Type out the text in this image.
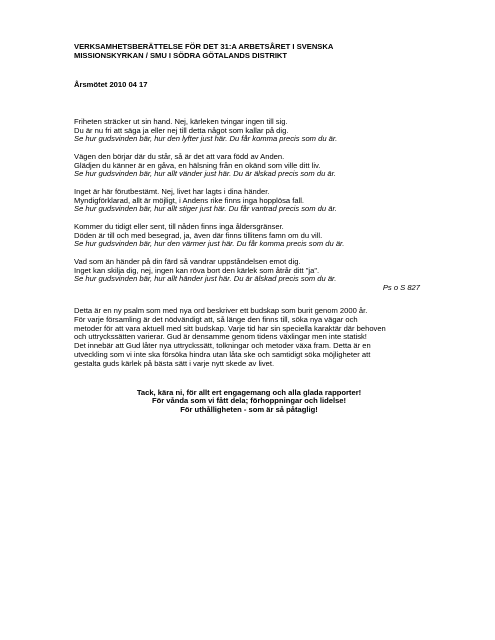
VERKSAMHETSBERÄTTELSE FÖR DET 31:A ARBETSÅRET I SVENSKA
MISSIONSKYRKAN / SMU I SÖDRA GÖTALANDS DISTRIKT
Årsmötet 2010 04 17
Friheten sträcker ut sin hand. Nej, kärleken tvingar ingen till sig.
Du är nu fri att säga ja eller nej till detta något som kallar på dig.
Se hur gudsvinden bär, hur den lyfter just här. Du får komma precis som du är.
Vägen den börjar där du står, så är det att vara född av Anden.
Glädjen du känner är en gåva, en hälsning från en okänd som ville ditt liv.
Se hur gudsvinden bär, hur allt vänder just här. Du är älskad precis som du är.
Inget är här förutbestämt. Nej, livet har lagts i dina händer.
Myndigförklarad, allt är möjligt, i Andens rike finns inga hopplösa fall.
Se hur gudsvinden bär, hur allt stiger just här. Du får vantrad precis som du är.
Kommer du tidigt eller sent, till nåden finns inga åldersgränser.
Döden är till och med besegrad, ja, även där finns tillitens famn om du vill.
Se hur gudsvinden bär, hur den värmer just här. Du får komma precis som du är.
Vad som än händer på din färd så vandrar uppståndelsen emot dig.
Inget kan skilja dig, nej, ingen kan röva bort den kärlek som åtrår ditt "ja".
Se hur gudsvinden bär, hur allt händer just här. Du är älskad precis som du är.
Ps o S 827
Detta är en ny psalm som med nya ord beskriver ett budskap som burit genom 2000 år.
För varje församling är det nödvändigt att, så länge den finns till, söka nya vägar och
metoder för att vara aktuell med sitt budskap. Varje tid har sin speciella karaktär där behoven
och uttryckssätten varierar. Gud är densamme genom tidens växlingar men inte statisk!
Det innebär att Gud låter nya uttryckssätt, tolkningar och metoder växa fram. Detta är en
utveckling som vi inte ska försöka hindra utan låta ske och samtidigt söka möjligheter att
gestalta guds kärlek på bästa sätt i varje nytt skede av livet.
Tack, kära ni, för allt ert engagemang och alla glada rapporter!
För vånda som vi fått dela; förhoppningar och lidelse!
För uthålligheten - som är så påtaglig!
